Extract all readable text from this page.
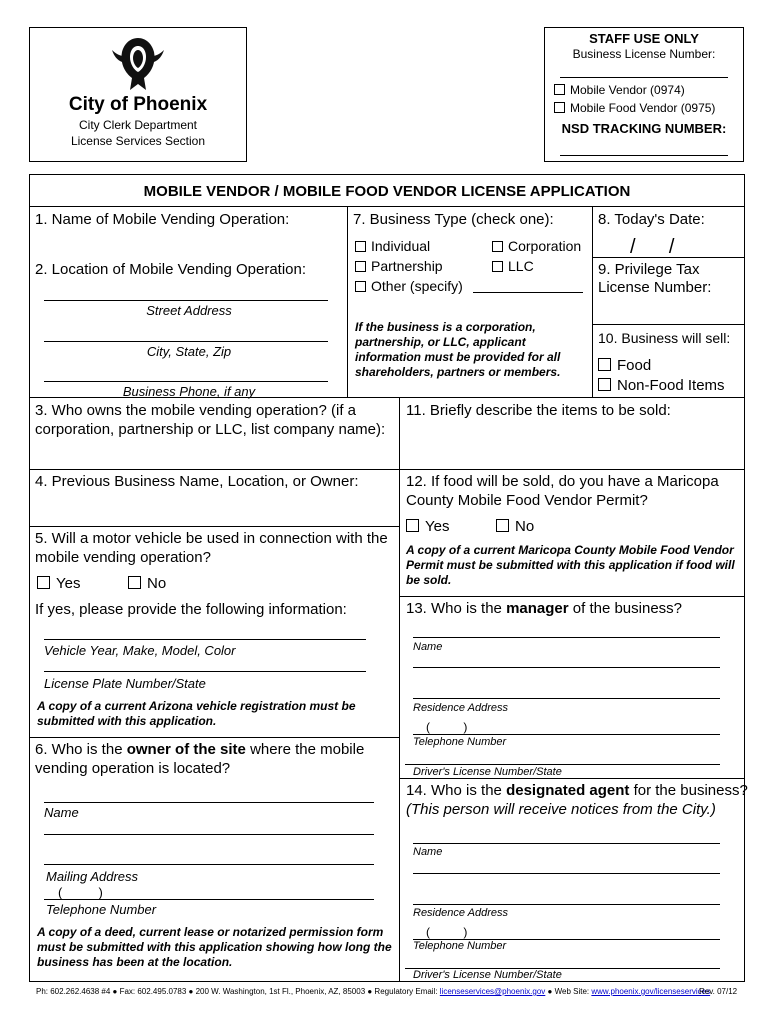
City of Phoenix
City Clerk Department
License Services Section
STAFF USE ONLY
Business License Number:
Mobile Vendor (0974)
Mobile Food Vendor (0975)
NSD TRACKING NUMBER:
MOBILE VENDOR / MOBILE FOOD VENDOR LICENSE APPLICATION
1. Name of Mobile Vending Operation:
2. Location of Mobile Vending Operation:
Street Address
City, State, Zip
Business Phone, if any
7. Business Type (check one):
Individual	Corporation
Partnership	LLC
Other (specify)
If the business is a corporation, partnership, or LLC, applicant information must be provided for all shareholders, partners or members.
8. Today's Date:
/      /
9. Privilege Tax
License Number:
10. Business will sell:
Food
Non-Food Items
3. Who owns the mobile vending operation? (if a corporation, partnership or LLC, list company name):
11. Briefly describe the items to be sold:
4. Previous Business Name, Location, or Owner:	12. If food will be sold, do you have a Maricopa County Mobile Food Vendor Permit?
Yes	No
A copy of a current Maricopa County Mobile Food Vendor Permit must be submitted with this application if food will be sold.
5. Will a motor vehicle be used in connection with the mobile vending operation?
Yes	No
If yes, please provide the following information:
Vehicle Year, Make, Model, Color
License Plate Number/State
A copy of a current Arizona vehicle registration must be submitted with this application.
13. Who is the manager of the business?
Name
Residence Address
(          )
Telephone Number
Driver's License Number/State
6. Who is the owner of the site where the mobile vending operation is located?
Name
Mailing Address
(          )
Telephone Number
A copy of a deed, current lease or notarized permission form must be submitted with this application showing how long the business has been at the location.
14. Who is the designated agent for the business?
(This person will receive notices from the City.)
Name
Residence Address
(          )
Telephone Number
Driver's License Number/State
Ph: 602.262.4638 #4 ● Fax: 602.495.0783 ● 200 W. Washington, 1st Fl., Phoenix, AZ, 85003 ● Regulatory Email: licenseservices@phoenix.gov ● Web Site: www.phoenix.gov/licenseservices
Rev. 07/12
